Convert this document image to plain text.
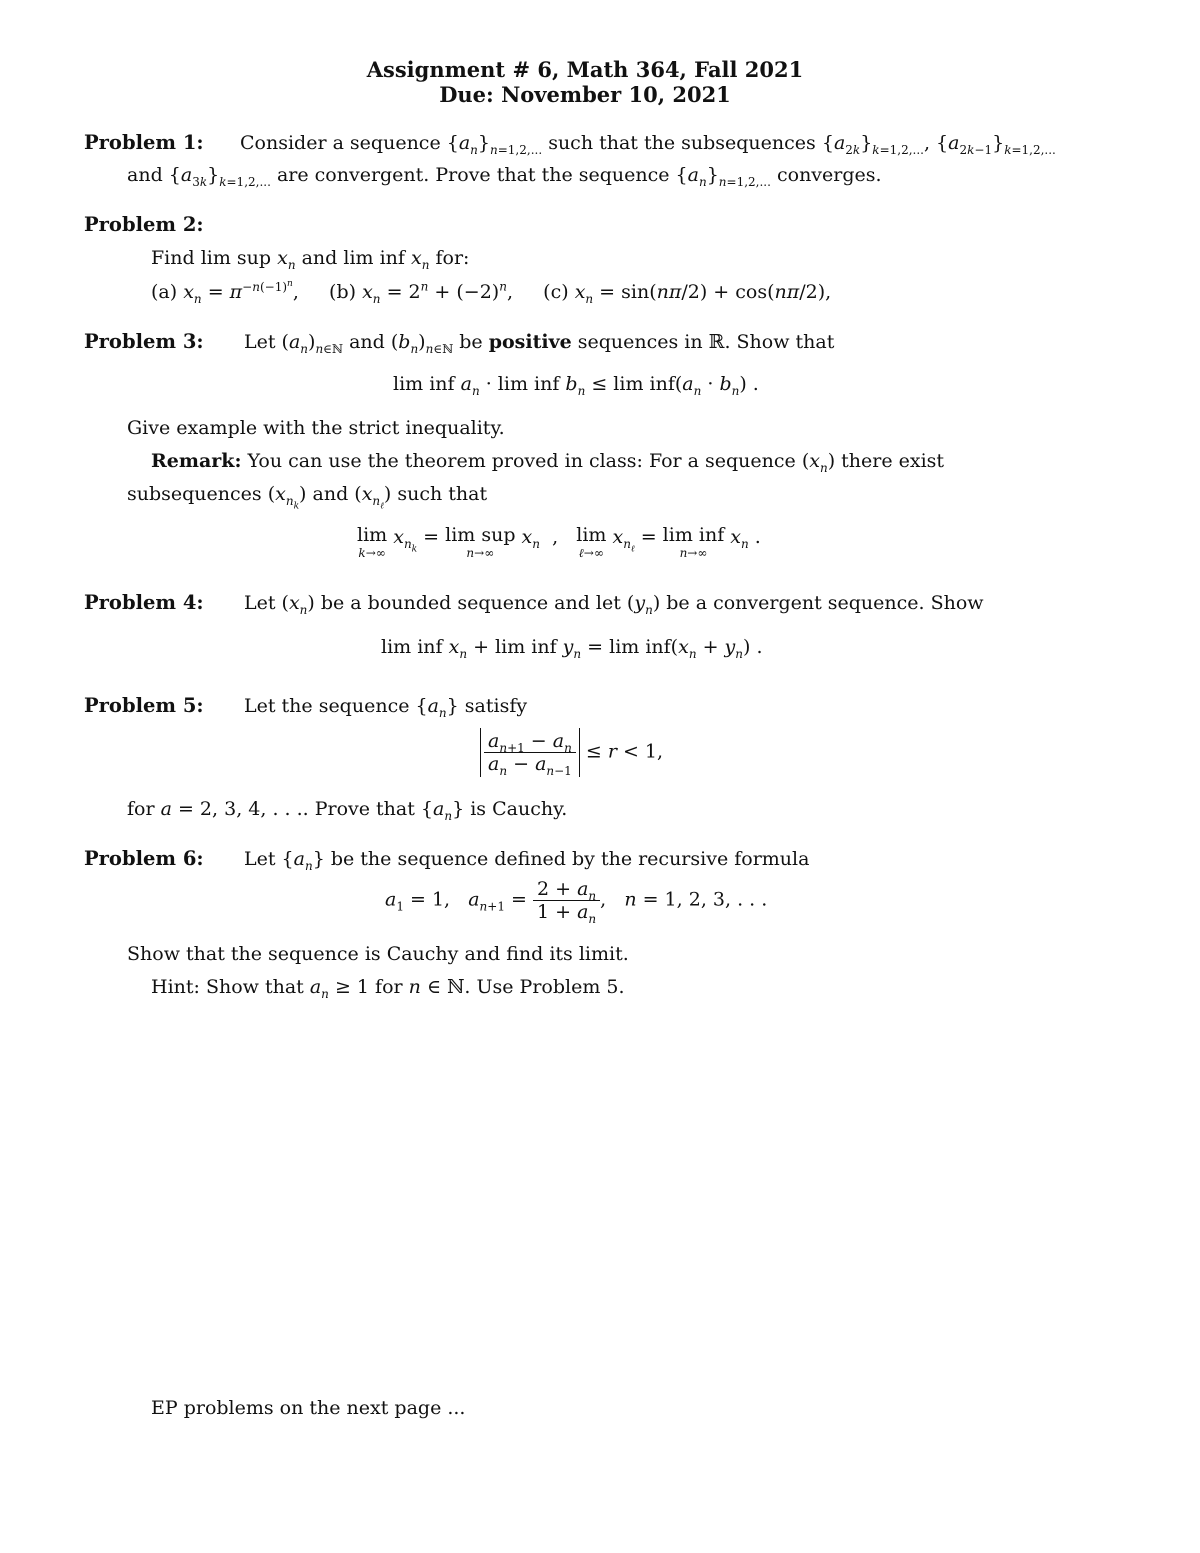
Assignment # 6, Math 364, Fall 2021
Due: November 10, 2021
Problem 1: Consider a sequence $\{a_n\}_{n=1,2,...}$ such that the subsequences $\{a_{2k}\}_{k=1,2,...}$, $\{a_{2k-1}\}_{k=1,2,...}$
and $\{a_{3k}\}_{k=1,2,...}$ are convergent. Prove that the sequence $\{a_n\}_{n=1,2,...}$ converges.
Problem 2:
Find lim sup $x_n$ and lim inf $x_n$ for:
(a) $x_n = \pi^{-n(-1)^n}$,     (b) $x_n = 2^n + (-2)^n$,     (c) $x_n = \sin(n\pi/2) + \cos(n\pi/2)$,
Problem 3: Let $(a_n)_{n\in ℕ}$ and $(b_n)_{n\in ℕ}$ be positive sequences in ℝ. Show that
lim inf $a_n \cdot \lim$ inf $b_n \le \lim inf(a_n \cdot b_n)$ .
Give example with the strict inequality.
Remark: You can use the theorem proved in class: For a sequence $(x_n)$ there exist
subsequences $(x_{n_k})$ and $(x_{n_\ell})$ such that
lim
k→∞
$x_{n_k} = \lim$ sup
n→∞
$x_n$  ,   lim
ℓ→∞
$x_{n_\ell} = \lim$ inf
n→∞
$x_n$ .
Problem 4: Let $(x_n)$ be a bounded sequence and let $(y_n)$ be a convergent sequence. Show
lim inf $x_n + \lim$ inf $y_n = \lim inf(x_n + y_n)$ .
Problem 5: Let the sequence $\{a_n\}$ satisfy
$\frac{a_{n+1} - a_n}{a_n - a_{n-1}} \le r < 1$,
for a = 2, 3, 4, . . .. Prove that $\{a_n\}$ is Cauchy.
Problem 6: Let $\{a_n\}$ be the sequence defined by the recursive formula
$a_1 = 1$,   $a_{n+1} = \frac{2 + a_n}{1 + a_n}$ ,   n = 1, 2, 3, . . .
Show that the sequence is Cauchy and find its limit.
Hint: Show that $a_n \ge 1$ for n ∈ ℕ. Use Problem 5.
EP problems on the next page ...
